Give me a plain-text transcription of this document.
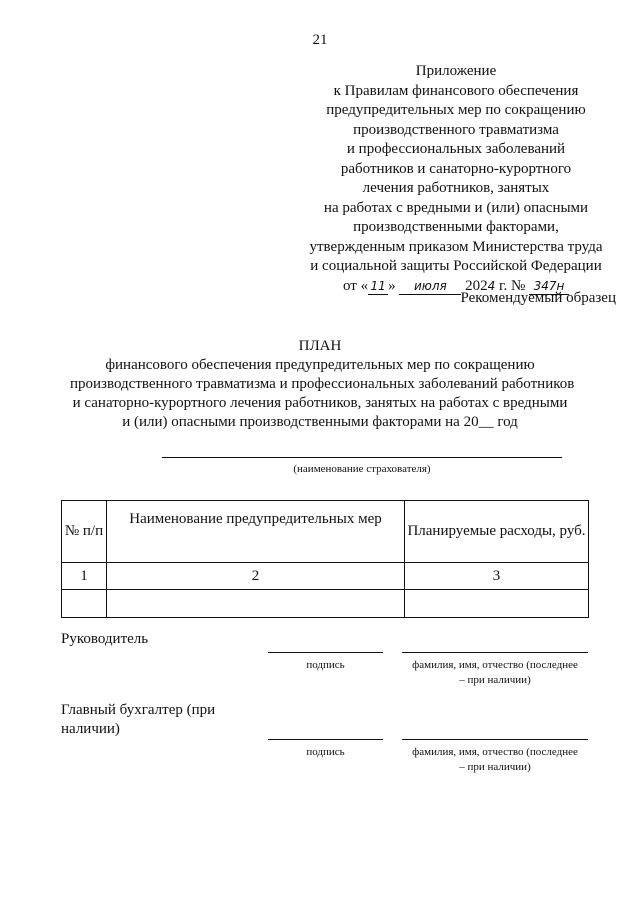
21
Приложение
к Правилам финансового обеспечения
предупредительных мер по сокращению
производственного травматизма
и профессиональных заболеваний
работников и санаторно-курортного
лечения работников, занятых
на работах с вредными и (или) опасными
производственными факторами,
утвержденным приказом Министерства труда
и социальной защиты Российской Федерации
от « 11 » июля 2024 г. № 347н
Рекомендуемый образец
ПЛАН
финансового обеспечения предупредительных мер по сокращению
производственного травматизма и профессиональных заболеваний работников
и санаторно-курортного лечения работников, занятых на работах с вредными
и (или) опасными производственными факторами на 20__ год
(наименование страхователя)
№ п/п	Наименование предупредительных мер	Планируемые расходы, руб.
1	2	3

Руководитель
подпись	фамилия, имя, отчество (последнее – при наличии)
Главный бухгалтер (при наличии)
подпись	фамилия, имя, отчество (последнее – при наличии)
